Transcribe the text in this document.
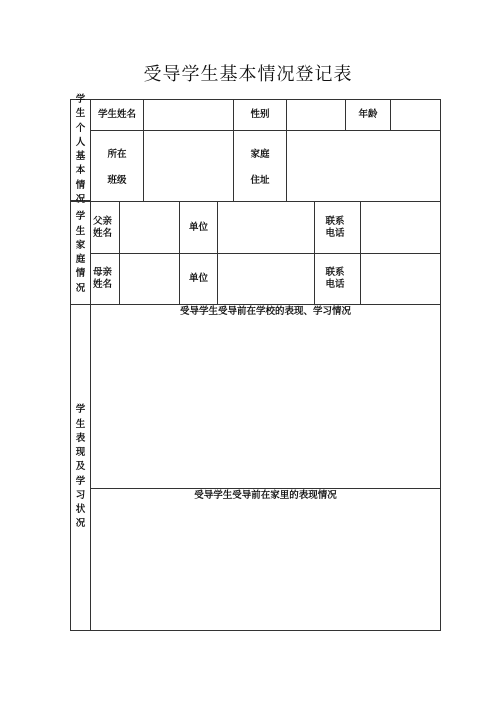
受导学生基本情况登记表
学生个人基本情况
学生姓名	性别	年龄
所在
班级
家庭
住址
学生家庭情况
父亲姓名
单位
联系电话
母亲姓名
单位
联系电话
学生表现及学习状况
受导学生受导前在学校的表现、学习情况
受导学生受导前在家里的表现情况
